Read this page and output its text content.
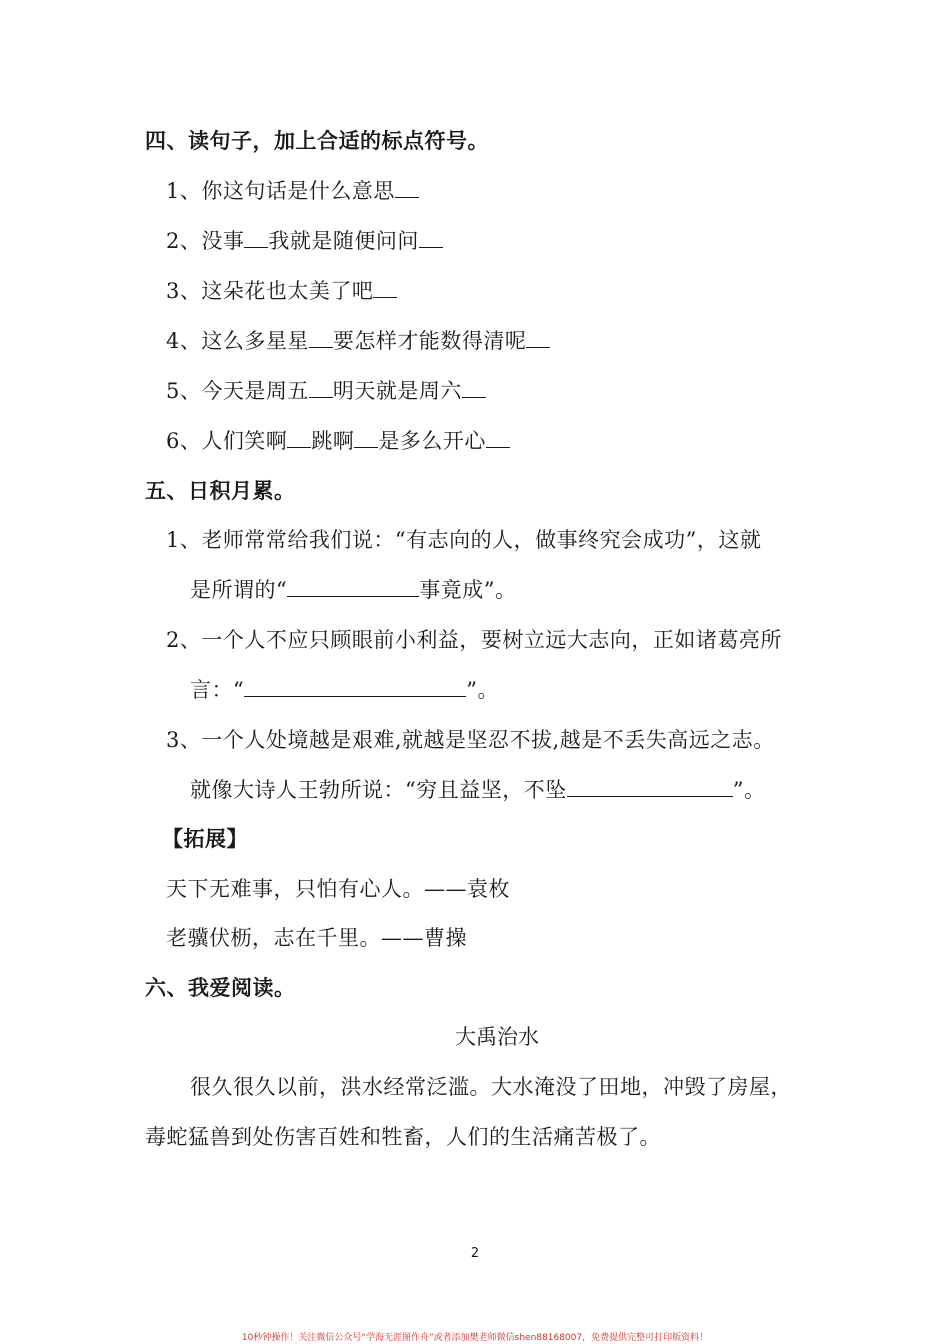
四、读句子，加上合适的标点符号。
1、你这句话是什么意思
2、没事 我就是随便问问
3、这朵花也太美了吧
4、这么多星星 要怎样才能数得清呢
5、今天是周五 明天就是周六
6、人们笑啊 跳啊 是多么开心
五、日积月累。
1、老师常常给我们说：“有志向的人，做事终究会成功”，这就
是所谓的“	事竟成”。
2、一个人不应只顾眼前小利益，要树立远大志向，正如诸葛亮所
言：“	”。
3、一个人处境越是艰难,就越是坚忍不拔,越是不丢失高远之志。
就像大诗人王勃所说：“穷且益坚，不坠	”。
【拓展】
天下无难事，只怕有心人。——袁枚
老骥伏枥，志在千里。——曹操
六、我爱阅读。
大禹治水
很久很久以前，洪水经常泛滥。大水淹没了田地，冲毁了房屋，
毒蛇猛兽到处伤害百姓和牲畜，人们的生活痛苦极了。
2
10秒钟操作！关注微信公众号“学海无涯图作舟”或者添加樊老师微信shen88168007，免费提供完整可打印版资料！
